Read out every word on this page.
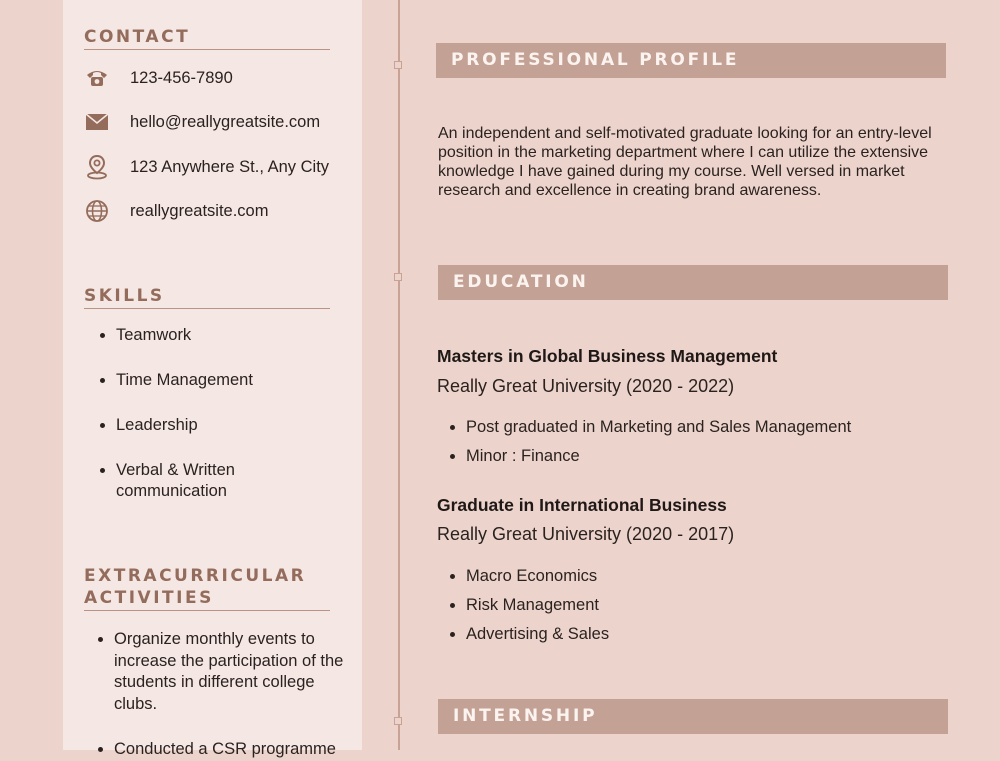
CONTACT
123-456-7890
hello@reallygreatsite.com
123 Anywhere St., Any City
reallygreatsite.com
SKILLS
• Teamwork
• Time Management
• Leadership
• Verbal & Written communication
EXTRACURRICULAR ACTIVITIES
• Organize monthly events to increase the participation of the students in different college clubs.
• Conducted a CSR programme
PROFESSIONAL PROFILE
An independent and self-motivated graduate looking for an entry-level position in the marketing department where I can utilize the extensive knowledge I have gained during my course. Well versed in market research and excellence in creating brand awareness.
EDUCATION
Masters in Global Business Management
Really Great University (2020 - 2022)
• Post graduated in Marketing and Sales Management
• Minor : Finance
Graduate in International Business
Really Great University (2020 - 2017)
• Macro Economics
• Risk Management
• Advertising & Sales
INTERNSHIP
